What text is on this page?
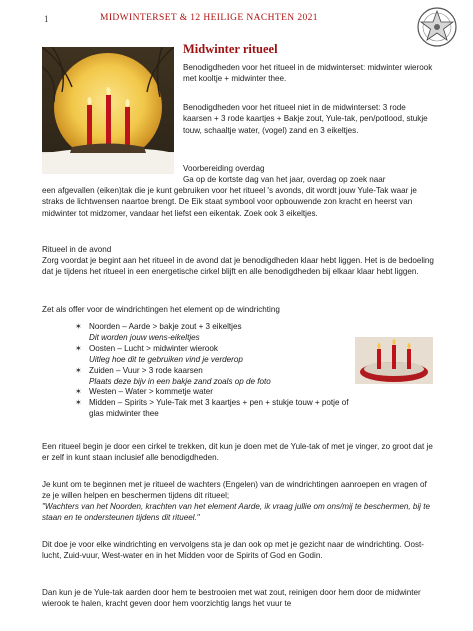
1	MIDWINTERSET & 12 HEILIGE NACHTEN 2021
Midwinter ritueel
Benodigdheden voor het ritueel in de midwinterset: midwinter wierook met kooltje + midwinter thee.
Benodigdheden voor het ritueel niet in de midwinterset: 3 rode kaarsen + 3 rode kaartjes + Bakje zout, Yule-tak, pen/potlood, stukje touw, schaaltje water, (vogel) zand en 3 eikeltjes.
Voorbereiding overdag
Ga op de kortste dag van het jaar, overdag op zoek naar
een afgevallen (eiken)tak die je kunt gebruiken voor het ritueel 's avonds, dit wordt jouw Yule-Tak waar je straks de lichtwensen naartoe brengt. De Eik staat symbool voor opbouwende zon kracht en heerst van midwinter tot midzomer, vandaar het liefst een eikentak. Zoek ook 3 eikeltjes.
Ritueel in de avond
Zorg voordat je begint aan het ritueel in de avond dat je benodigdheden klaar hebt liggen. Het is de bedoeling dat je tijdens het ritueel in een energetische cirkel blijft en alle benodigdheden bij elkaar klaar hebt liggen.
Zet als offer voor de windrichtingen het element op de windrichting
✶ Noorden – Aarde > bakje zout + 3 eikeltjes
Dit worden jouw wens-eikeltjes
✶ Oosten – Lucht > midwinter wierook
Uitleg hoe dit te gebruiken vind je verderop
✶ Zuiden – Vuur > 3 rode kaarsen
Plaats deze bijv in een bakje zand zoals op de foto
✶ Westen – Water > kommetje water
✶ Midden – Spirits > Yule-Tak met 3 kaartjes + pen + stukje touw + potje of glas midwinter thee
Een ritueel begin je door een cirkel te trekken, dit kun je doen met de Yule-tak of met je vinger, zo groot dat je er zelf in kunt staan inclusief alle benodigdheden.
Je kunt om te beginnen met je ritueel de wachters (Engelen) van de windrichtingen aanroepen en vragen of ze je willen helpen en beschermen tijdens dit ritueel;
"Wachters van het Noorden, krachten van het element Aarde, ik vraag jullie om ons/mij te beschermen, bij te staan en te ondersteunen tijdens dit ritueel."
Dit doe je voor elke windrichting en vervolgens sta je dan ook op met je gezicht naar de windrichting. Oost-lucht, Zuid-vuur, West-water en in het Midden voor de Spirits of God en Godin.
Dan kun je de Yule-tak aarden door hem te bestrooien met wat zout, reinigen door hem door de midwinter wierook te halen, kracht geven door hem voorzichtig langs het vuur te
